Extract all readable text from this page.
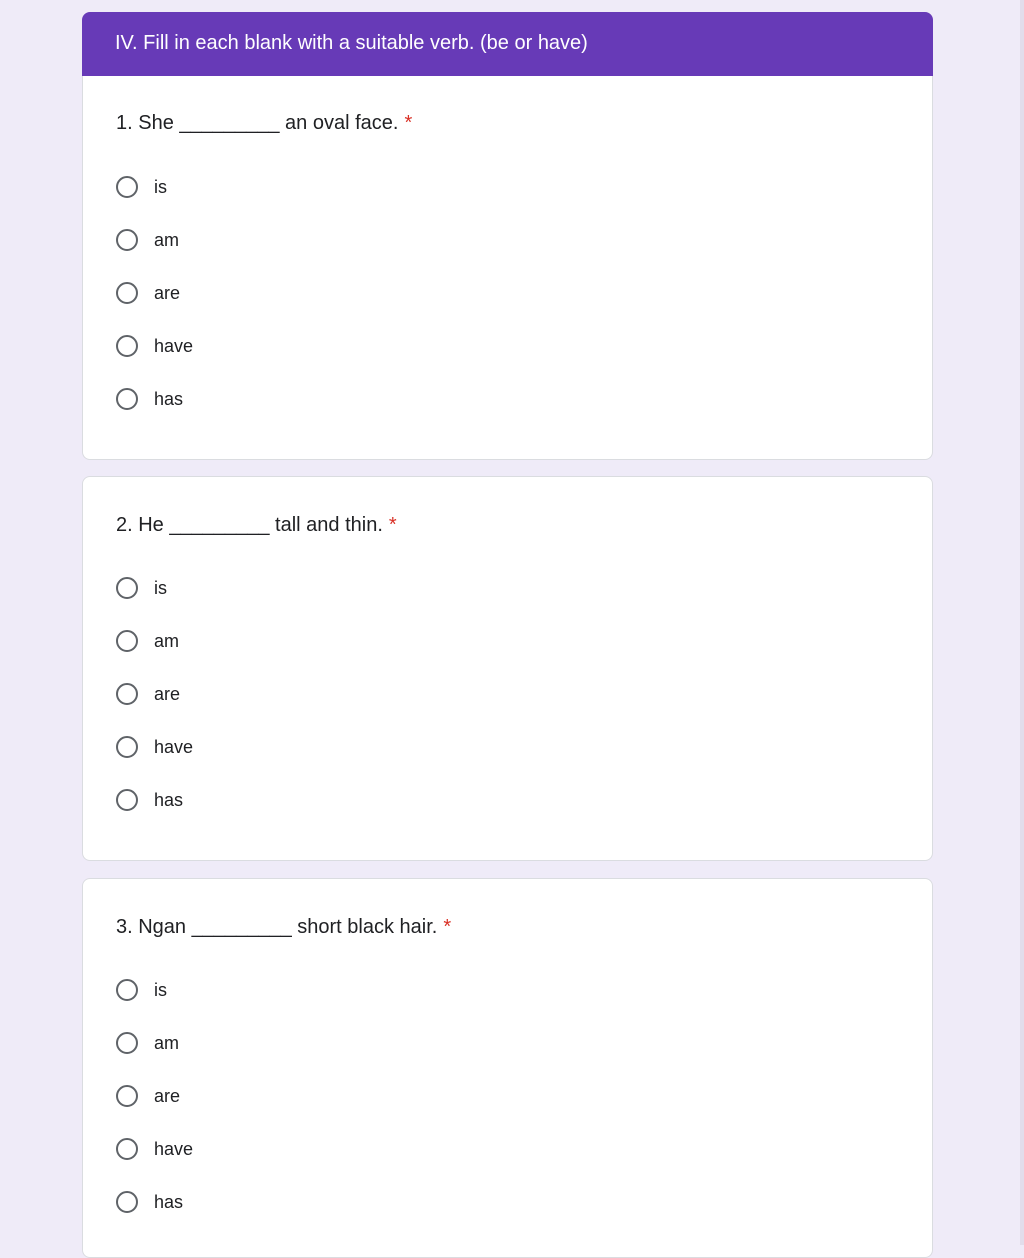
IV. Fill in each blank with a suitable verb. (be or have)
1. She _________ an oval face. *
is
am
are
have
has
2. He _________ tall and thin. *
is
am
are
have
has
3. Ngan _________ short black hair. *
is
am
are
have
has
